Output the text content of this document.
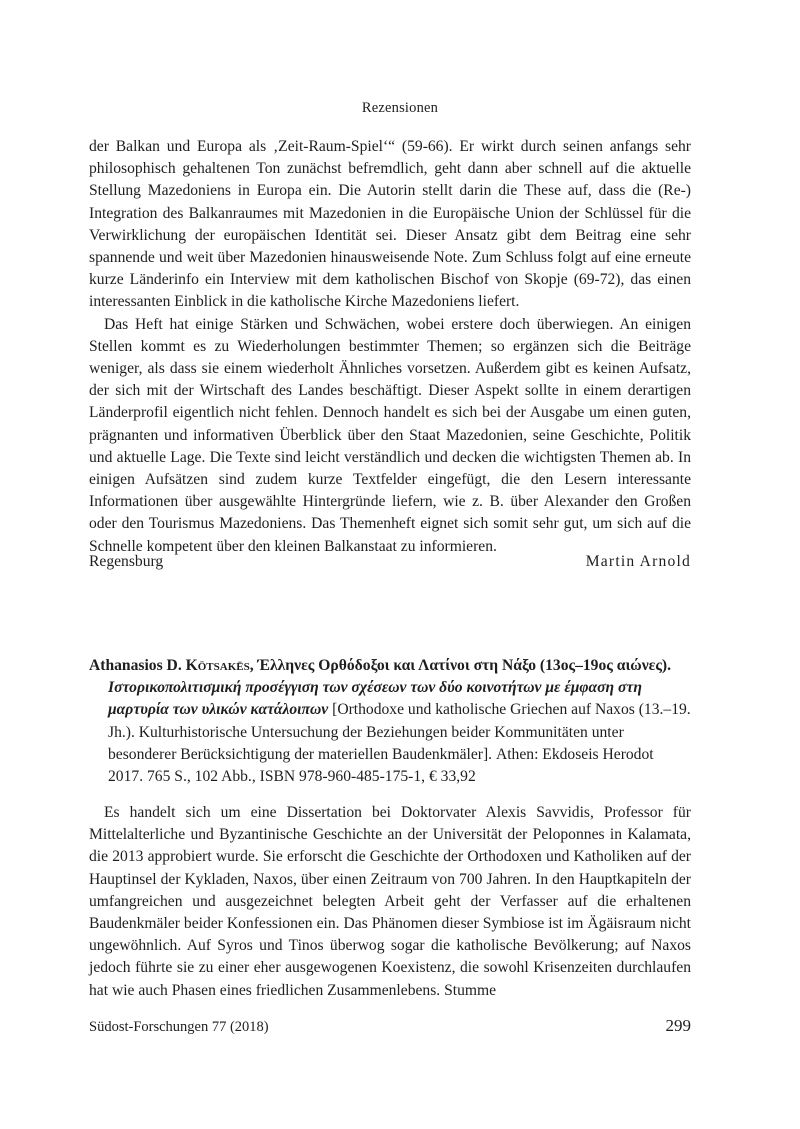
Rezensionen

der Balkan und Europa als ‚Zeit-Raum-Spiel‘“ (59-66). Er wirkt durch seinen anfangs sehr philosophisch gehaltenen Ton zunächst befremdlich, geht dann aber schnell auf die aktuelle Stellung Mazedoniens in Europa ein. Die Autorin stellt darin die These auf, dass die (Re-) Integration des Balkanraumes mit Mazedonien in die Europäische Union der Schlüssel für die Verwirklichung der europäischen Identität sei. Dieser Ansatz gibt dem Beitrag eine sehr spannende und weit über Mazedonien hinausweisende Note. Zum Schluss folgt auf eine erneute kurze Länderinfo ein Interview mit dem katholischen Bischof von Skopje (69-72), das einen interessanten Einblick in die katholische Kirche Mazedoniens liefert.

Das Heft hat einige Stärken und Schwächen, wobei erstere doch überwiegen. An einigen Stellen kommt es zu Wiederholungen bestimmter Themen; so ergänzen sich die Beiträge weniger, als dass sie einem wiederholt Ähnliches vorsetzen. Außerdem gibt es keinen Aufsatz, der sich mit der Wirtschaft des Landes beschäftigt. Dieser Aspekt sollte in einem derartigen Länderprofil eigentlich nicht fehlen. Dennoch handelt es sich bei der Ausgabe um einen guten, prägnanten und informativen Überblick über den Staat Mazedonien, seine Geschichte, Politik und aktuelle Lage. Die Texte sind leicht verständlich und decken die wichtigsten Themen ab. In einigen Aufsätzen sind zudem kurze Textfelder eingefügt, die den Lesern interessante Informationen über ausgewählte Hintergründe liefern, wie z. B. über Alexander den Großen oder den Tourismus Mazedoniens. Das Themenheft eignet sich somit sehr gut, um sich auf die Schnelle kompetent über den kleinen Balkanstaat zu informieren.

Regensburg	Martin Arnold
Athanasios D. Kōtsakēs, Έλληνες Ορθόδοξοι και Λατίνοι στη Νάξο (13ος–19ος αιώνες). Ιστορικοπολιτισμική προσέγγιση των σχέσεων των δύο κοινοτήτων με έμφαση στη μαρτυρία των υλικών κατάλοιπων [Orthodoxe und katholische Griechen auf Naxos (13.–19. Jh.). Kulturhistorische Untersuchung der Beziehungen beider Kommunitäten unter besonderer Berücksichtigung der materiellen Baudenkmäler]. Athen: Ekdoseis Herodot 2017. 765 S., 102 Abb., ISBN 978-960-485-175-1, € 33,92

Es handelt sich um eine Dissertation bei Doktorvater Alexis Savvidis, Professor für Mittelalterliche und Byzantinische Geschichte an der Universität der Peloponnes in Kalamata, die 2013 approbiert wurde. Sie erforscht die Geschichte der Orthodoxen und Katholiken auf der Hauptinsel der Kykladen, Naxos, über einen Zeitraum von 700 Jahren. In den Hauptkapiteln der umfangreichen und ausgezeichnet belegten Arbeit geht der Verfasser auf die erhaltenen Baudenkmäler beider Konfessionen ein. Das Phänomen dieser Symbiose ist im Ägäisraum nicht ungewöhnlich. Auf Syros und Tinos überwog sogar die katholische Bevölkerung; auf Naxos jedoch führte sie zu einer eher ausgewogenen Koexistenz, die sowohl Krisenzeiten durchlaufen hat wie auch Phasen eines friedlichen Zusammenlebens. Stumme

Südost-Forschungen 77 (2018)	299
